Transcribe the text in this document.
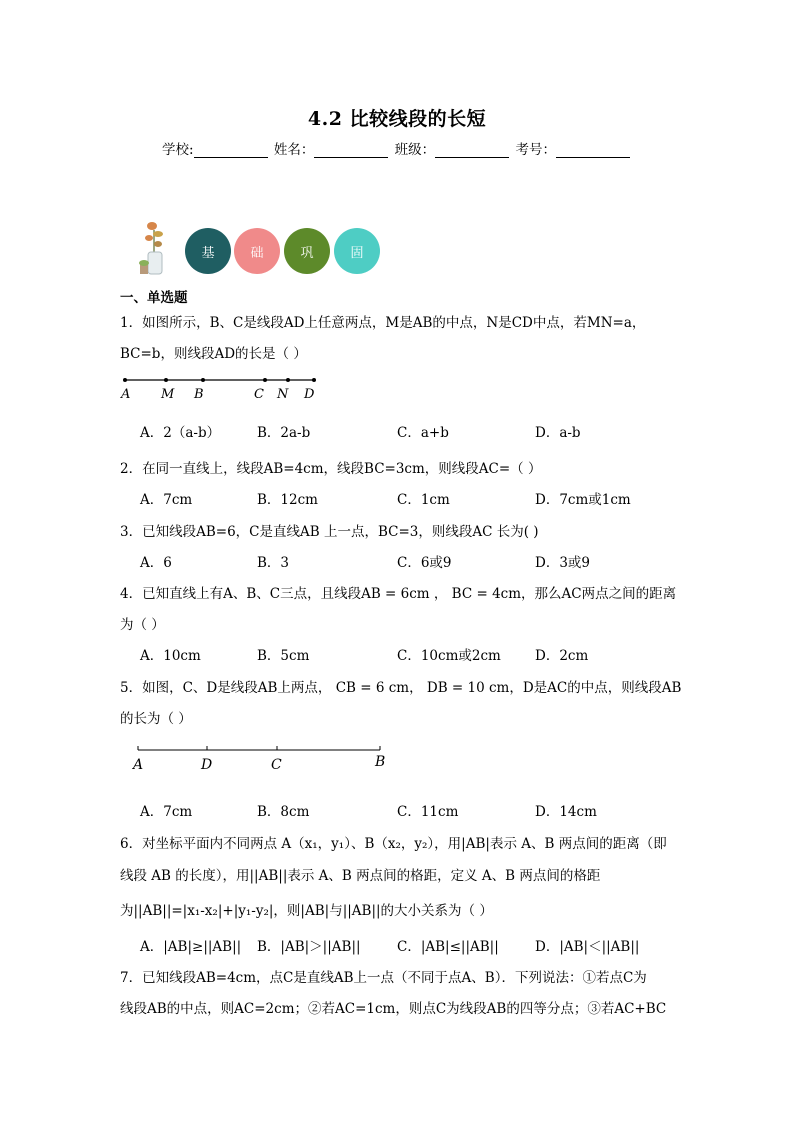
4.2 比较线段的长短
学校:	姓名：	班级：	考号：
基	础	巩	固
一、单选题
1．如图所示，B、C是线段AD上任意两点，M是AB的中点，N是CD中点，若MN=a，
BC=b，则线段AD的长是（ ）
A M B	C N D
A．2（a-b）	B．2a-b	C．a+b	D．a-b
2．在同一直线上，线段AB=4cm，线段BC=3cm，则线段AC=（ ）
A．7cm	B．12cm	C．1cm	D．7cm或1cm
3．已知线段AB=6，C是直线AB 上一点，BC=3，则线段AC 长为( )
A．6	B．3	C．6或9	D．3或9
4．已知直线上有A、B、C三点，且线段AB = 6cm ， BC = 4cm，那么AC两点之间的距离
为（ ）
A．10cm	B．5cm	C．10cm或2cm	D．2cm
5．如图，C、D是线段AB上两点， CB = 6 cm， DB = 10 cm，D是AC的中点，则线段AB
的长为（ ）
A	D	C	B
A．7cm	B．8cm	C．11cm	D．14cm
6．对坐标平面内不同两点 A（x₁，y₁）、B（x₂，y₂），用|AB|表示 A、B 两点间的距离（即
线段 AB 的长度），用||AB||表示 A、B 两点间的格距，定义 A、B 两点间的格距
为||AB||=|x₁-x₂|+|y₁-y₂|，则|AB|与||AB||的大小关系为（ ）
A．|AB|≥||AB|| B．|AB|＞||AB||	C．|AB|≤||AB||	D．|AB|＜||AB||
7．已知线段AB=4cm，点C是直线AB上一点（不同于点A、B）．下列说法：①若点C为
线段AB的中点，则AC=2cm；②若AC=1cm，则点C为线段AB的四等分点；③若AC+BC
